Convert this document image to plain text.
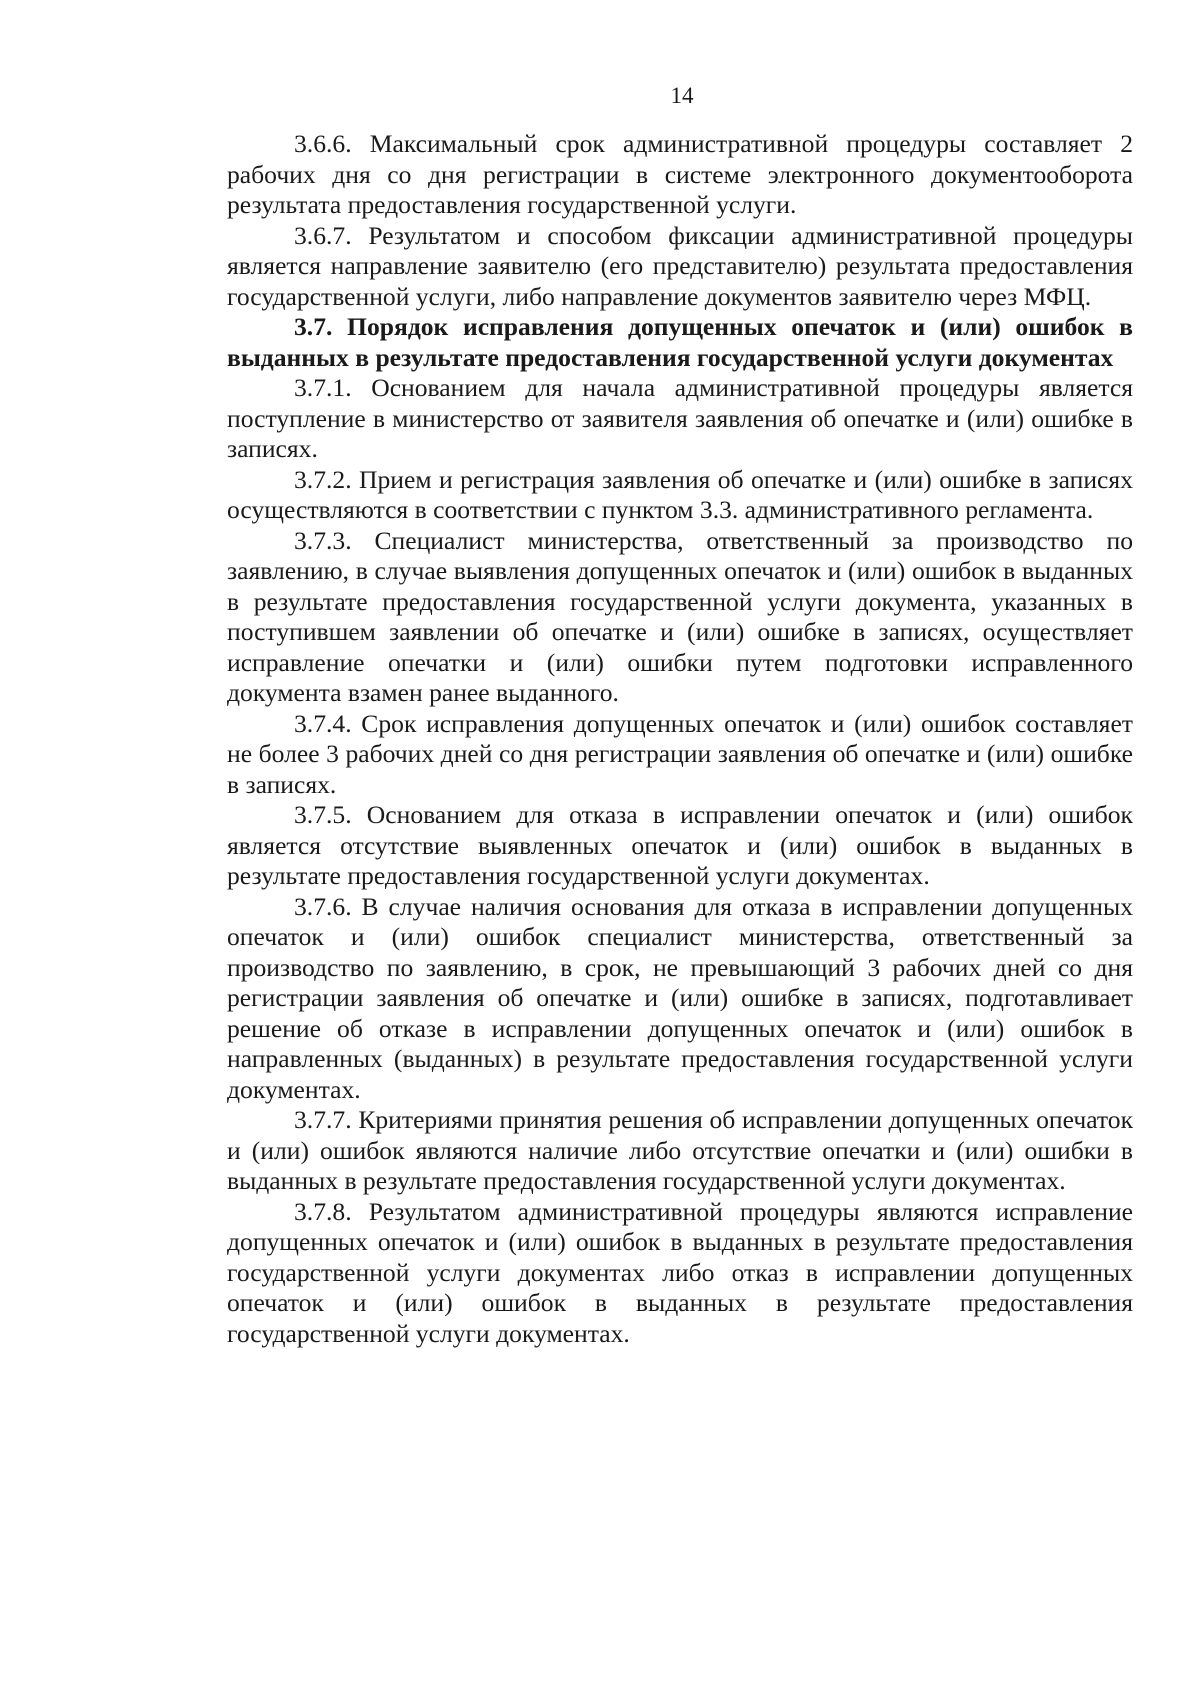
14

3.6.6. Максимальный срок административной процедуры составляет 2 рабочих дня со дня регистрации в системе электронного документооборота результата предоставления государственной услуги.

3.6.7. Результатом и способом фиксации административной процедуры является направление заявителю (его представителю) результата предоставления государственной услуги, либо направление документов заявителю через МФЦ.

3.7. Порядок исправления допущенных опечаток и (или) ошибок в выданных в результате предоставления государственной услуги документах

3.7.1. Основанием для начала административной процедуры является поступление в министерство от заявителя заявления об опечатке и (или) ошибке в записях.

3.7.2. Прием и регистрация заявления об опечатке и (или) ошибке в записях осуществляются в соответствии с пунктом 3.3. административного регламента.

3.7.3. Специалист министерства, ответственный за производство по заявлению, в случае выявления допущенных опечаток и (или) ошибок в выданных в результате предоставления государственной услуги документа, указанных в поступившем заявлении об опечатке и (или) ошибке в записях, осуществляет исправление опечатки и (или) ошибки путем подготовки исправленного документа взамен ранее выданного.

3.7.4. Срок исправления допущенных опечаток и (или) ошибок составляет не более 3 рабочих дней со дня регистрации заявления об опечатке и (или) ошибке в записях.

3.7.5. Основанием для отказа в исправлении опечаток и (или) ошибок является отсутствие выявленных опечаток и (или) ошибок в выданных в результате предоставления государственной услуги документах.

3.7.6. В случае наличия основания для отказа в исправлении допущенных опечаток и (или) ошибок специалист министерства, ответственный за производство по заявлению, в срок, не превышающий 3 рабочих дней со дня регистрации заявления об опечатке и (или) ошибке в записях, подготавливает решение об отказе в исправлении допущенных опечаток и (или) ошибок в направленных (выданных) в результате предоставления государственной услуги документах.

3.7.7. Критериями принятия решения об исправлении допущенных опечаток и (или) ошибок являются наличие либо отсутствие опечатки и (или) ошибки в выданных в результате предоставления государственной услуги документах.

3.7.8. Результатом административной процедуры являются исправление допущенных опечаток и (или) ошибок в выданных в результате предоставления государственной услуги документах либо отказ в исправлении допущенных опечаток и (или) ошибок в выданных в результате предоставления государственной услуги документах.
